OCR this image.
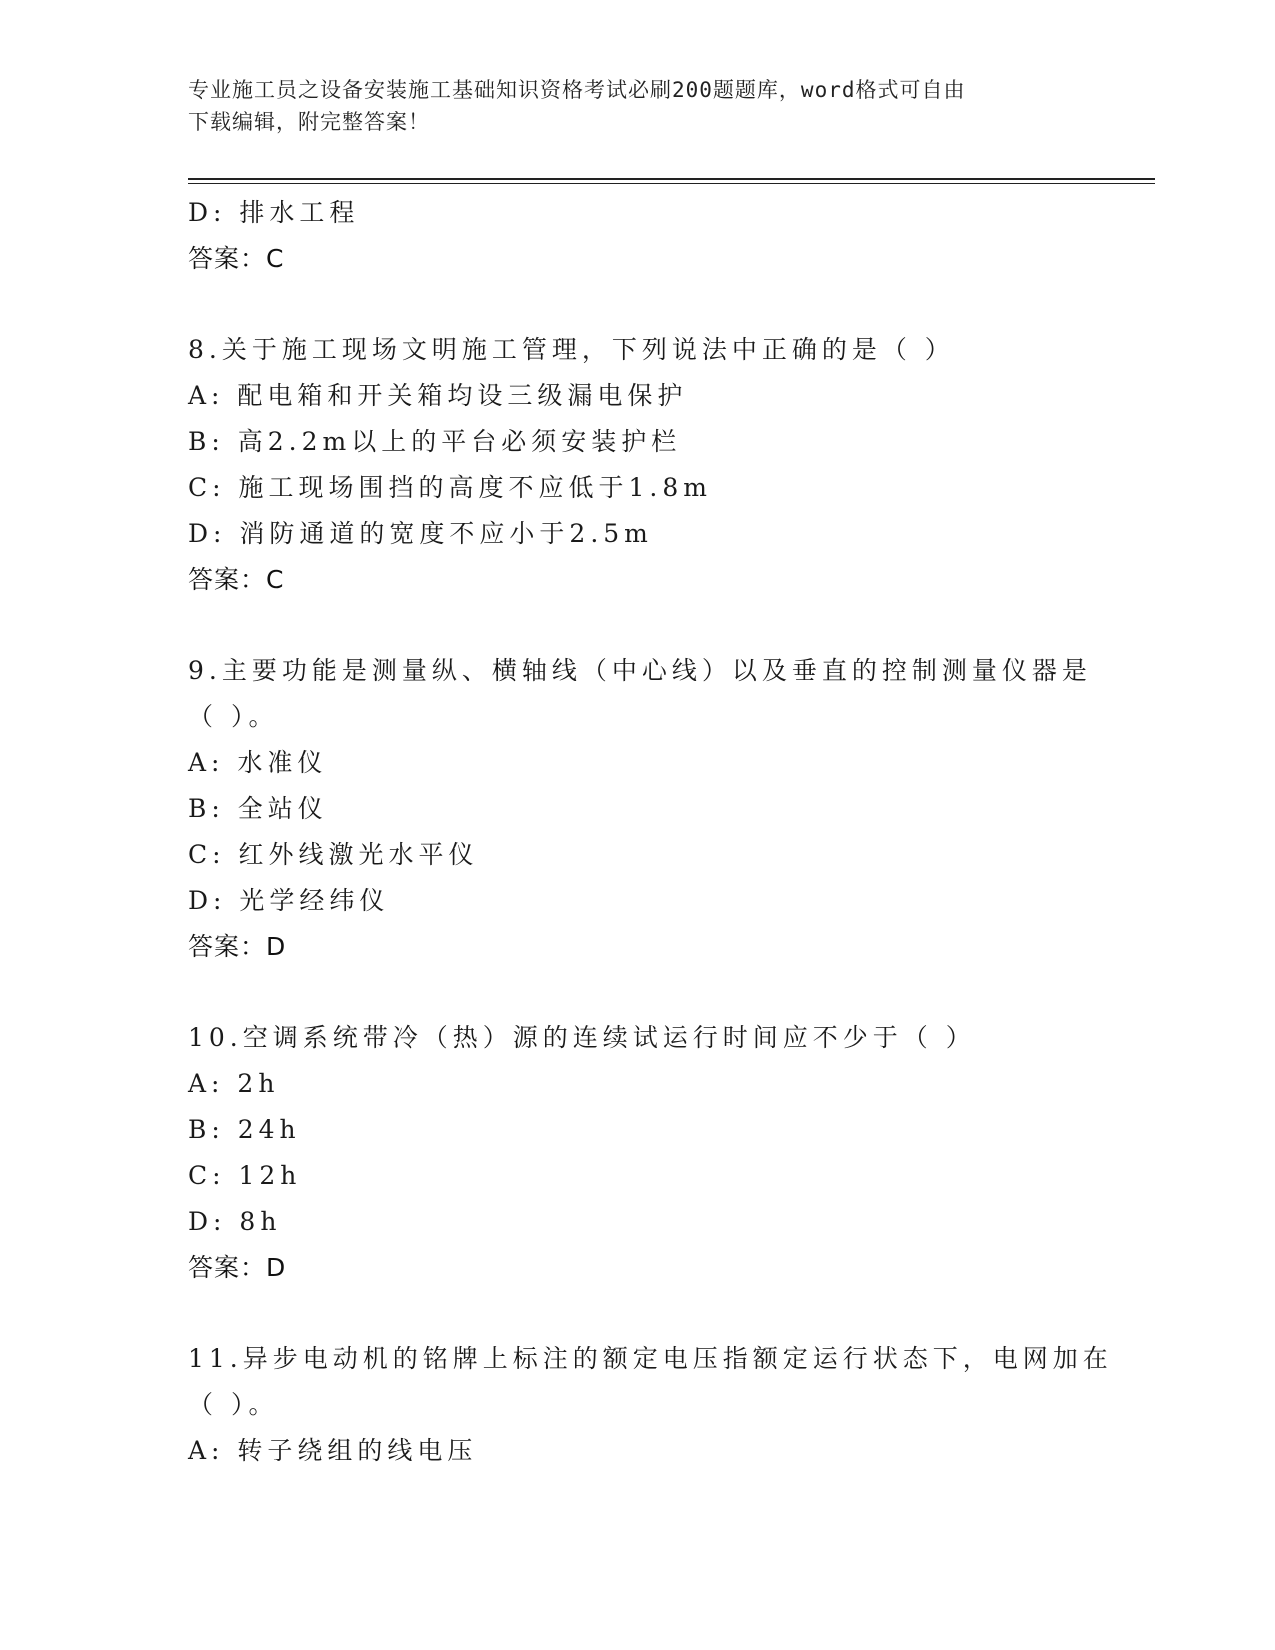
专业施工员之设备安装施工基础知识资格考试必刷200题题库，word格式可自由
下载编辑，附完整答案！
D: 排水工程
答案：C
8.关于施工现场文明施工管理，下列说法中正确的是（ ）
A: 配电箱和开关箱均设三级漏电保护
B: 高2.2m以上的平台必须安装护栏
C: 施工现场围挡的高度不应低于1.8m
D: 消防通道的宽度不应小于2.5m
答案：C
9.主要功能是测量纵、横轴线（中心线）以及垂直的控制测量仪器是
（ ）。
A: 水准仪
B: 全站仪
C: 红外线激光水平仪
D: 光学经纬仪
答案：D
10.空调系统带冷（热）源的连续试运行时间应不少于（ ）
A: 2h
B: 24h
C: 12h
D: 8h
答案：D
11.异步电动机的铭牌上标注的额定电压指额定运行状态下，电网加在
（ ）。
A: 转子绕组的线电压
